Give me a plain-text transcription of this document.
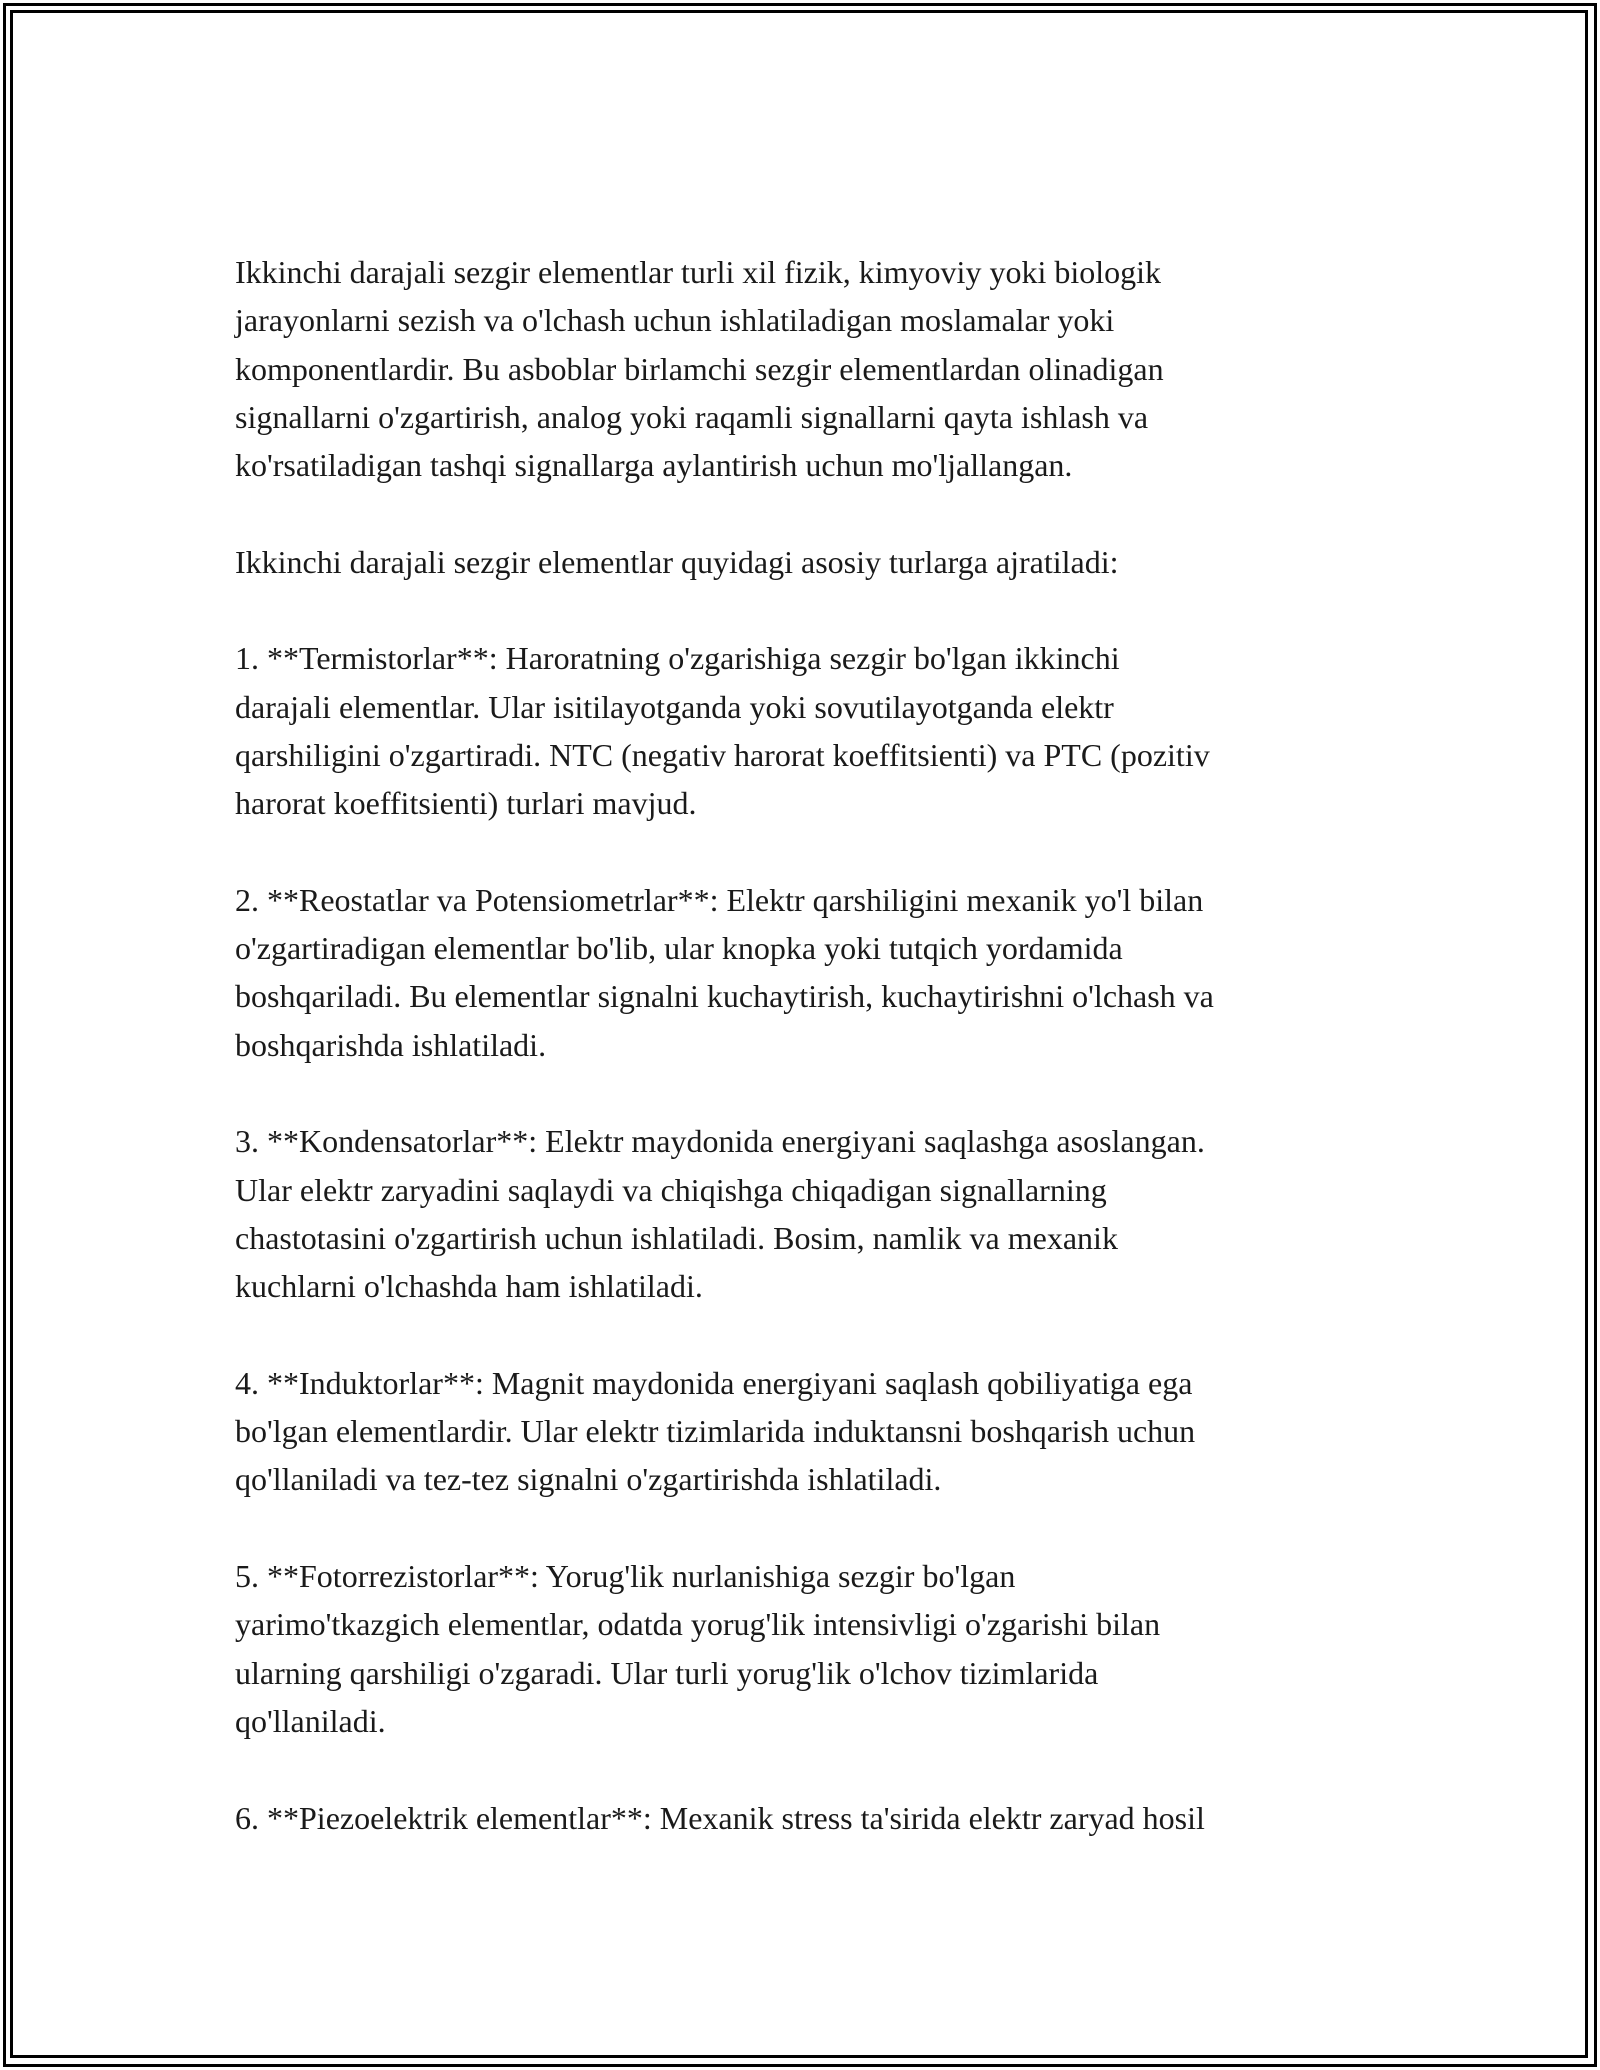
Ikkinchi darajali sezgir elementlar turli xil fizik, kimyoviy yoki biologik
jarayonlarni sezish va o'lchash uchun ishlatiladigan moslamalar yoki
komponentlardir. Bu asboblar birlamchi sezgir elementlardan olinadigan
signallarni o'zgartirish, analog yoki raqamli signallarni qayta ishlash va
ko'rsatiladigan tashqi signallarga aylantirish uchun mo'ljallangan.

Ikkinchi darajali sezgir elementlar quyidagi asosiy turlarga ajratiladi:

1. **Termistorlar**: Haroratning o'zgarishiga sezgir bo'lgan ikkinchi
darajali elementlar. Ular isitilayotganda yoki sovutilayotganda elektr
qarshiligini o'zgartiradi. NTC (negativ harorat koeffitsienti) va PTC (pozitiv
harorat koeffitsienti) turlari mavjud.

2. **Reostatlar va Potensiometrlar**: Elektr qarshiligini mexanik yo'l bilan
o'zgartiradigan elementlar bo'lib, ular knopka yoki tutqich yordamida
boshqariladi. Bu elementlar signalni kuchaytirish, kuchaytirishni o'lchash va
boshqarishda ishlatiladi.

3. **Kondensatorlar**: Elektr maydonida energiyani saqlashga asoslangan.
Ular elektr zaryadini saqlaydi va chiqishga chiqadigan signallarning
chastotasini o'zgartirish uchun ishlatiladi. Bosim, namlik va mexanik
kuchlarni o'lchashda ham ishlatiladi.

4. **Induktorlar**: Magnit maydonida energiyani saqlash qobiliyatiga ega
bo'lgan elementlardir. Ular elektr tizimlarida induktansni boshqarish uchun
qo'llaniladi va tez-tez signalni o'zgartirishda ishlatiladi.

5. **Fotorrezistorlar**: Yorug'lik nurlanishiga sezgir bo'lgan
yarimo'tkazgich elementlar, odatda yorug'lik intensivligi o'zgarishi bilan
ularning qarshiligi o'zgaradi. Ular turli yorug'lik o'lchov tizimlarida
qo'llaniladi.

6. **Piezoelektrik elementlar**: Mexanik stress ta'sirida elektr zaryad hosil
